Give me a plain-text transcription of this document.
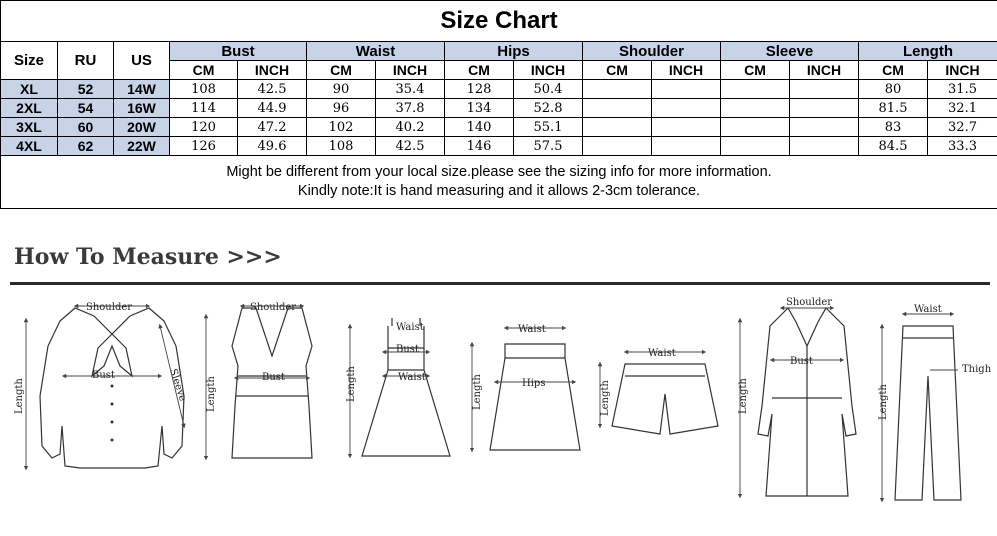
Size Chart														
Size	RU	US	Bust		Waist		Hips		Shoulder		Sleeve		Length	
			CM	INCH	CM	INCH	CM	INCH	CM	INCH	CM	INCH	CM	INCH
XL	52	14W	108	42.5	90	35.4	128	50.4					80	31.5
2XL	54	16W	114	44.9	96	37.8	134	52.8					81.5	32.1
3XL	60	20W	120	47.2	102	40.2	140	55.1					83	32.7
4XL	62	22W	126	49.6	108	42.5	146	57.5					84.5	33.3

Might be different from your local size.please see the sizing info for more information.
Kindly note:It is hand measuring and it allows 2-3cm tolerance.														
How To Measure >>>
Shoulder
Bust
Length	Sleeve
Shoulder
Bust
Length
Waist
Bust
Waist
Length
Waist
Hips
Length
Waist
Length
Shoulder
Bust
Length
Waist
Thigh
Length
